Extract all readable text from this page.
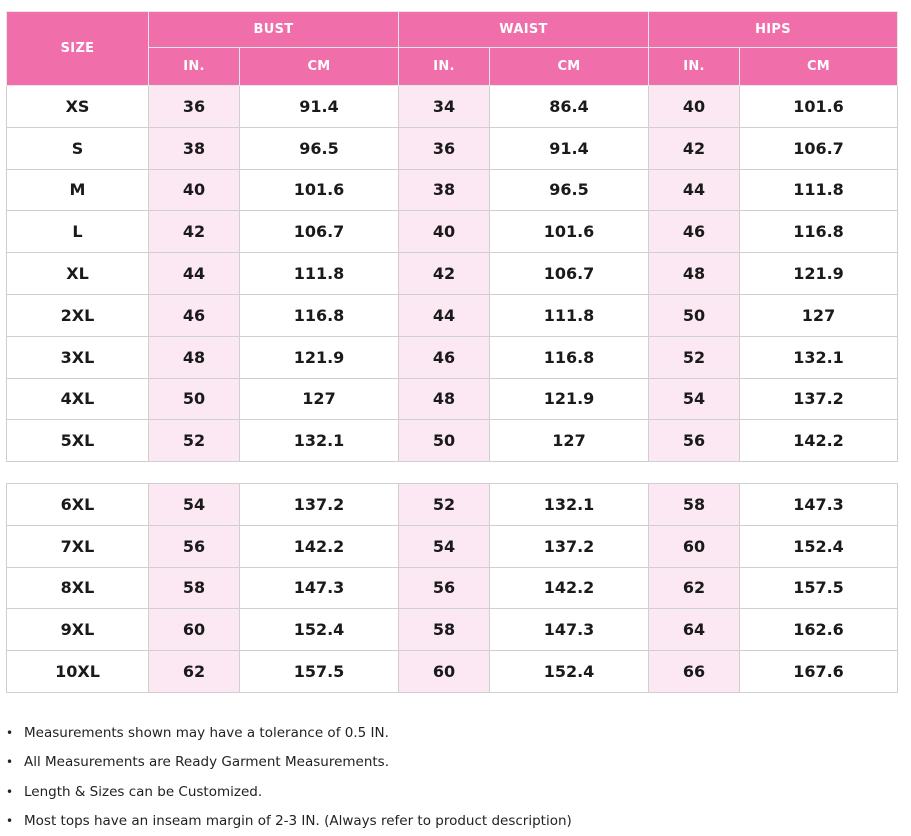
SIZE	BUST		WAIST		HIPS	
	IN.	CM	IN.	CM	IN.	CM
XS	36	91.4	34	86.4	40	101.6
S	38	96.5	36	91.4	42	106.7
M	40	101.6	38	96.5	44	111.8
L	42	106.7	40	101.6	46	116.8
XL	44	111.8	42	106.7	48	121.9
2XL	46	116.8	44	111.8	50	127
3XL	48	121.9	46	116.8	52	132.1
4XL	50	127	48	121.9	54	137.2
5XL	52	132.1	50	127	56	142.2
6XL	54	137.2	52	132.1	58	147.3
7XL	56	142.2	54	137.2	60	152.4
8XL	58	147.3	56	142.2	62	157.5
9XL	60	152.4	58	147.3	64	162.6
10XL	62	157.5	60	152.4	66	167.6
• Measurements shown may have a tolerance of 0.5 IN.
• All Measurements are Ready Garment Measurements.
• Length & Sizes can be Customized.
• Most tops have an inseam margin of 2-3 IN. (Always refer to product description)
